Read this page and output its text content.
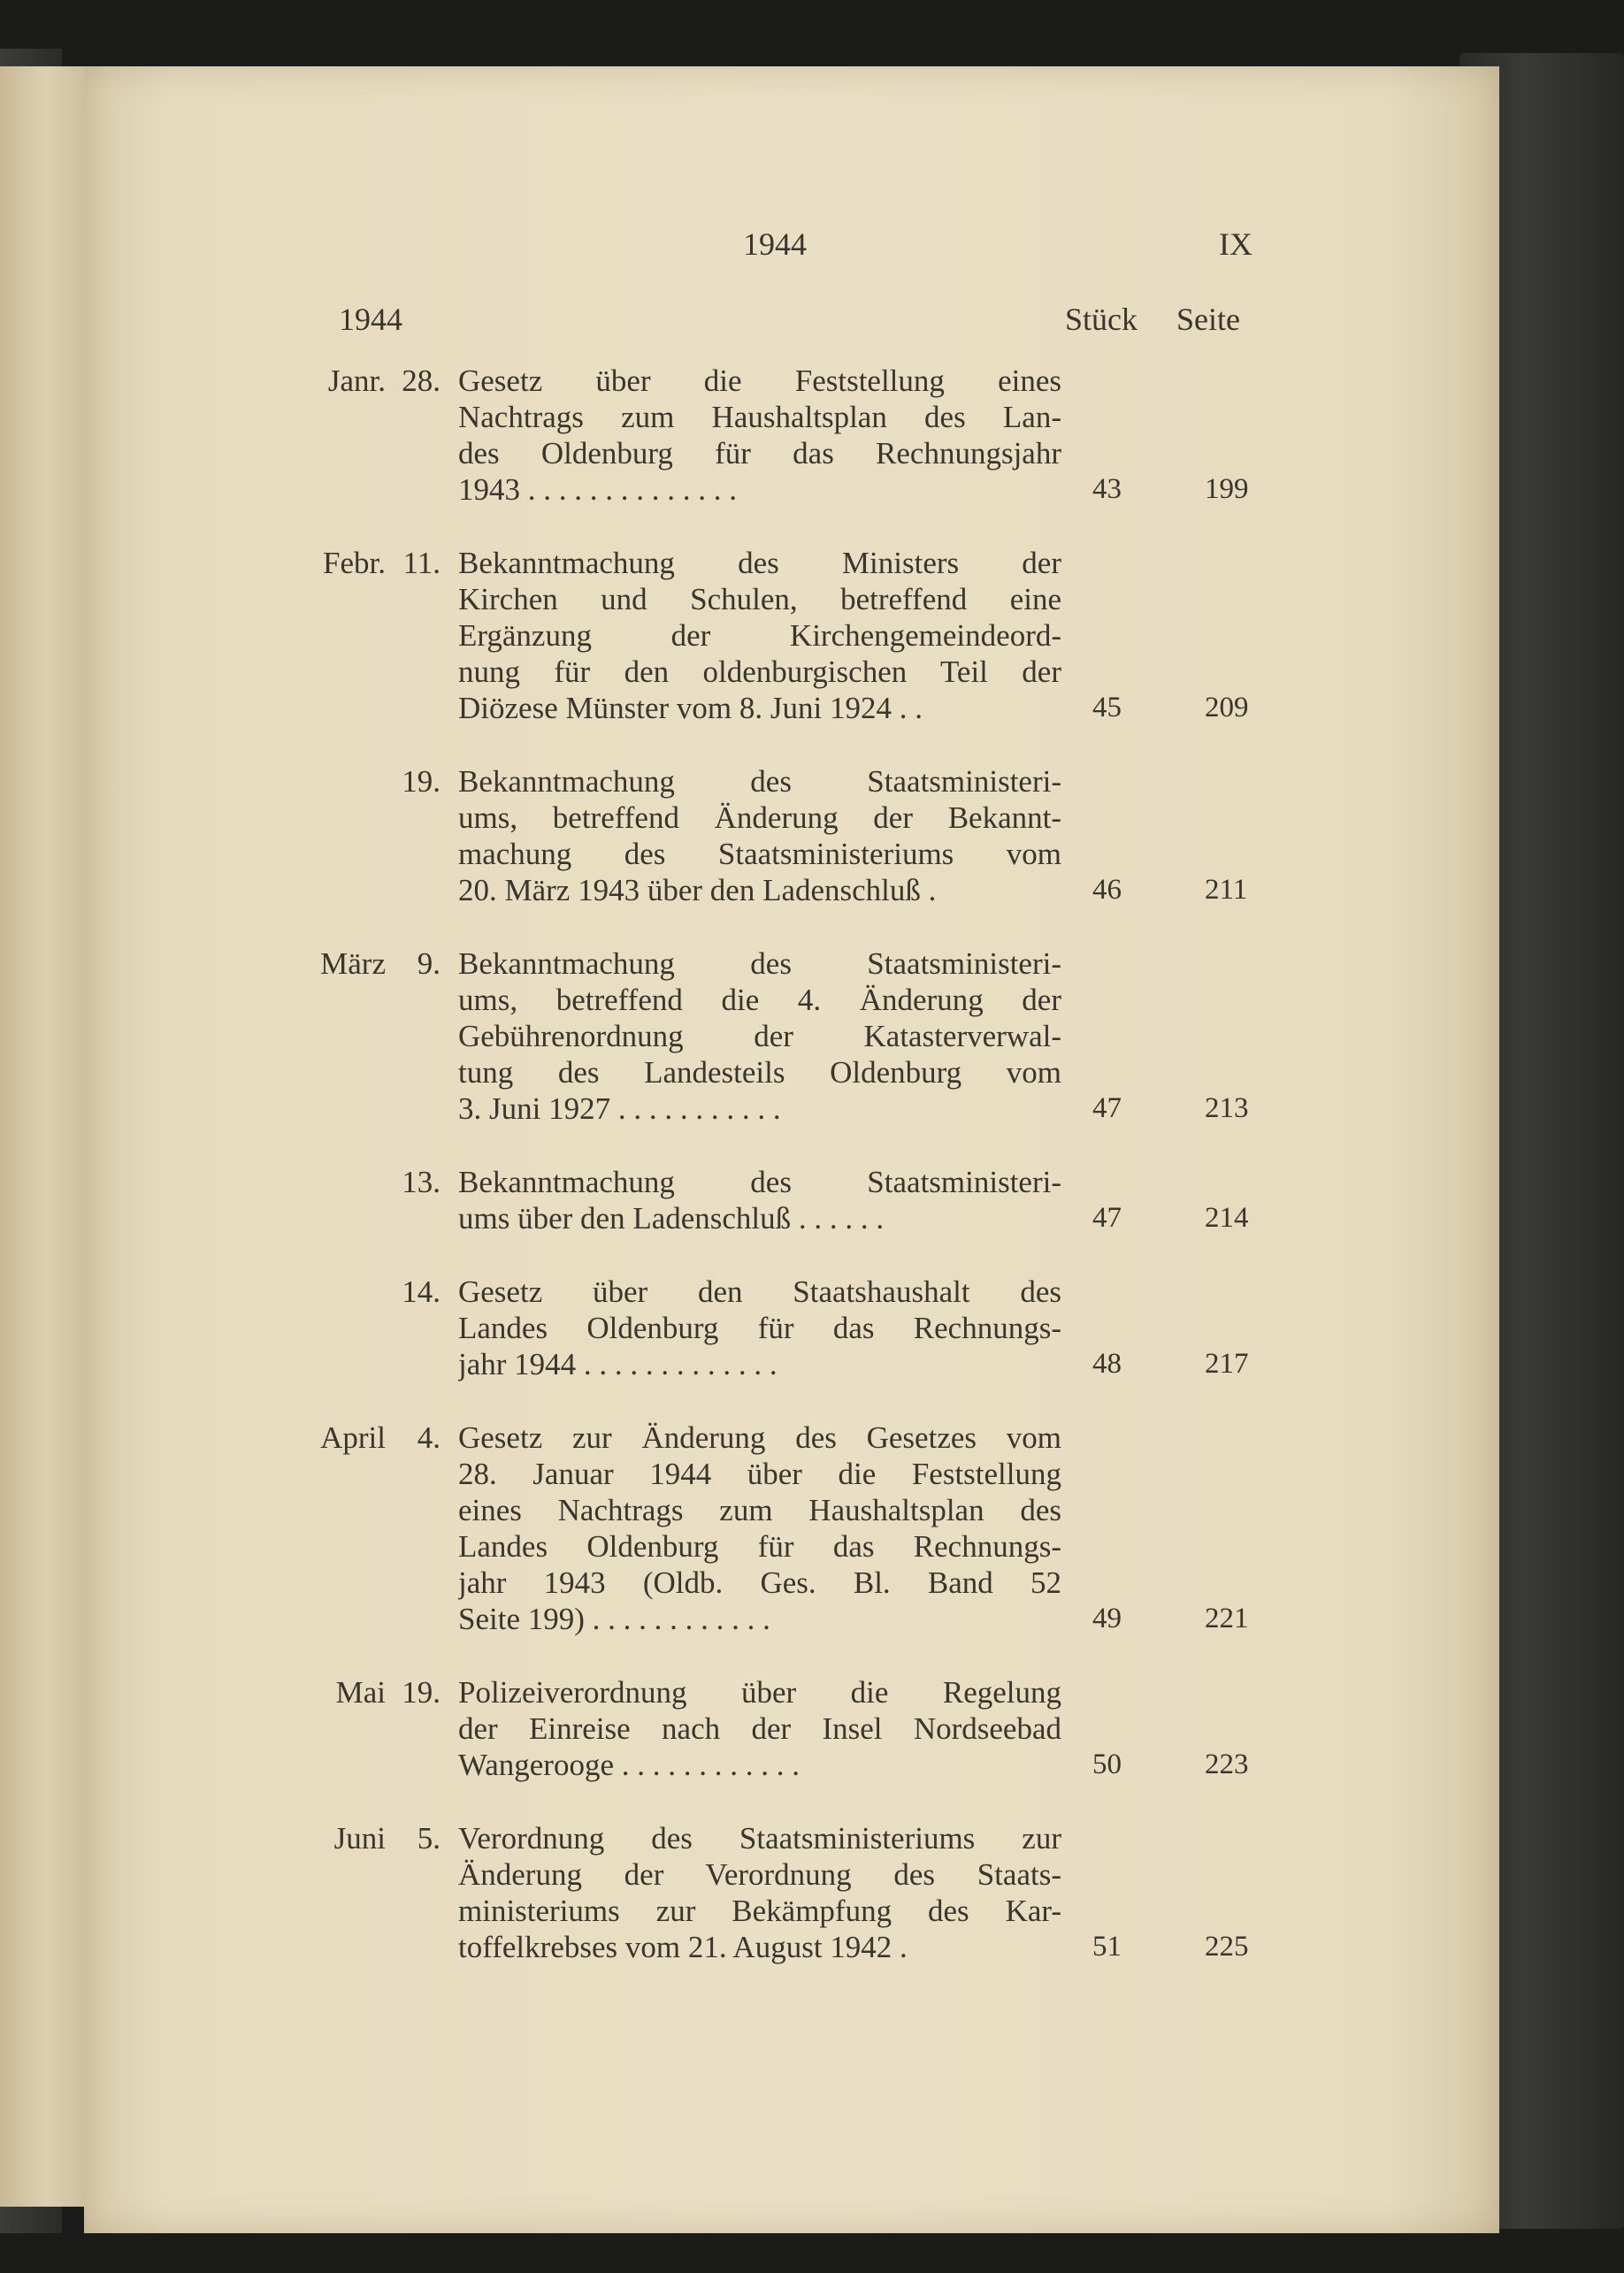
1944	IX
1944	Stück Seite
Janr. 28. Gesetz über die Feststellung eines
Nachtrags zum Haushaltsplan des Lan-
des Oldenburg für das Rechnungsjahr
1943 . . . . . . . . . . . . . .	43	199
Febr. 11. Bekanntmachung des Ministers der
Kirchen und Schulen, betreffend eine
Ergänzung der Kirchengemeindeord-
nung für den oldenburgischen Teil der
Diözese Münster vom 8. Juni 1924 . .	45	209
19. Bekanntmachung des Staatsministeri-
ums, betreffend Änderung der Bekannt-
machung des Staatsministeriums vom
20. März 1943 über den Ladenschluß .	46	211
März 9. Bekanntmachung des Staatsministeri-
ums, betreffend die 4. Änderung der
Gebührenordnung der Katasterverwal-
tung des Landesteils Oldenburg vom
3. Juni 1927 . . . . . . . . . . .	47	213
13. Bekanntmachung des Staatsministeri-
ums über den Ladenschluß . . . . . .	47	214
14. Gesetz über den Staatshaushalt des
Landes Oldenburg für das Rechnungs-
jahr 1944 . . . . . . . . . . . . .	48	217
April 4. Gesetz zur Änderung des Gesetzes vom
28. Januar 1944 über die Feststellung
eines Nachtrags zum Haushaltsplan des
Landes Oldenburg für das Rechnungs-
jahr 1943 (Oldb. Ges. Bl. Band 52
Seite 199) . . . . . . . . . . . .	49	221
Mai 19. Polizeiverordnung über die Regelung
der Einreise nach der Insel Nordseebad
Wangerooge . . . . . . . . . . . .	50	223
Juni 5. Verordnung des Staatsministeriums zur
Änderung der Verordnung des Staats-
ministeriums zur Bekämpfung des Kar-
toffelkrebses vom 21. August 1942 .	51	225
